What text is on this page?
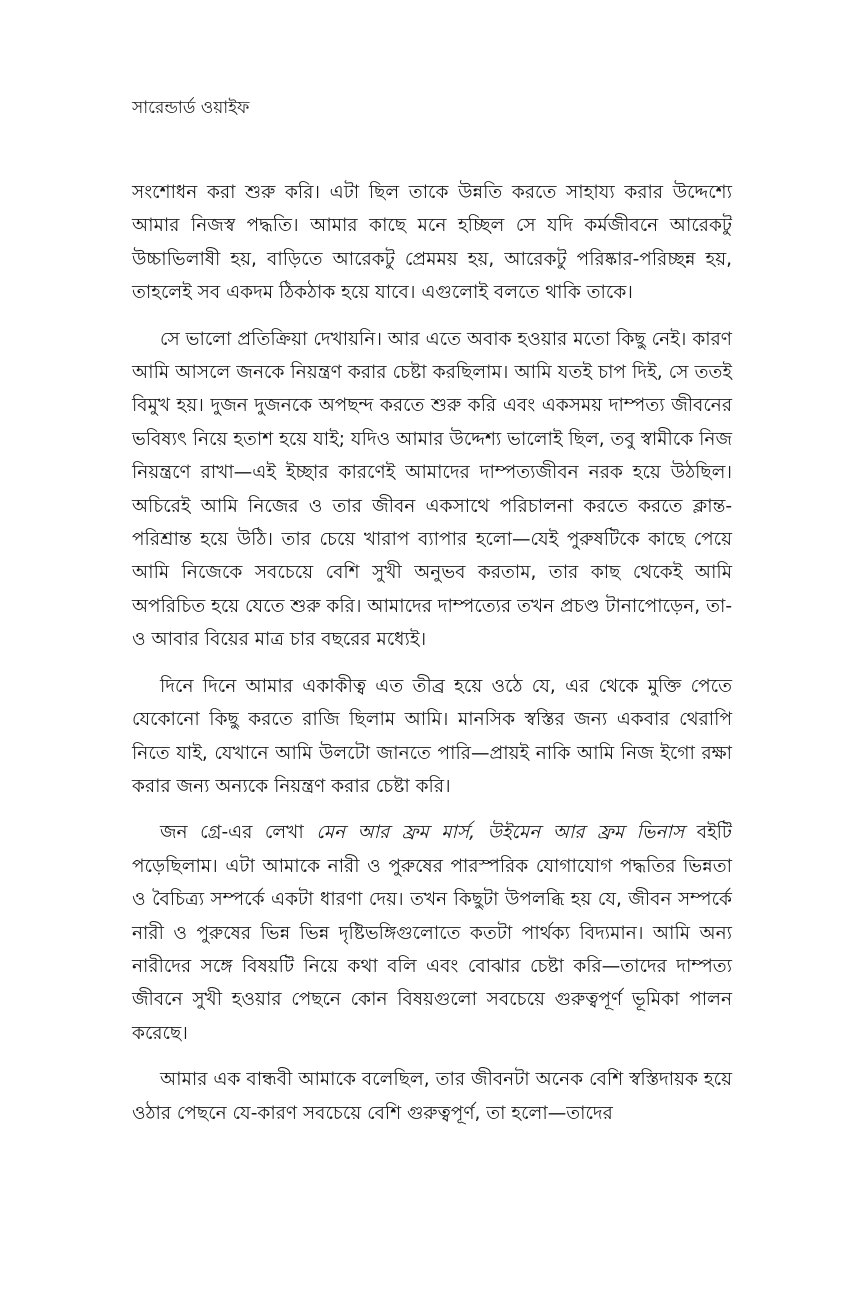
সারেন্ডার্ড ওয়াইফ

সংশোধন করা শুরু করি। এটা ছিল তাকে উন্নতি করতে সাহায্য করার উদ্দেশ্যে আমার নিজস্ব পদ্ধতি। আমার কাছে মনে হচ্ছিল সে যদি কর্মজীবনে আরেকটু উচ্চাভিলাষী হয়, বাড়িতে আরেকটু প্রেমময় হয়, আরেকটু পরিষ্কার-পরিচ্ছন্ন হয়, তাহলেই সব একদম ঠিকঠাক হয়ে যাবে। এগুলোই বলতে থাকি তাকে।

সে ভালো প্রতিক্রিয়া দেখায়নি। আর এতে অবাক হওয়ার মতো কিছু নেই। কারণ আমি আসলে জনকে নিয়ন্ত্রণ করার চেষ্টা করছিলাম। আমি যতই চাপ দিই, সে ততই বিমুখ হয়। দুজন দুজনকে অপছন্দ করতে শুরু করি এবং একসময় দাম্পত্য জীবনের ভবিষ্যৎ নিয়ে হতাশ হয়ে যাই; যদিও আমার উদ্দেশ্য ভালোই ছিল, তবু স্বামীকে নিজ নিয়ন্ত্রণে রাখা—এই ইচ্ছার কারণেই আমাদের দাম্পত্যজীবন নরক হয়ে উঠছিল। অচিরেই আমি নিজের ও তার জীবন একসাথে পরিচালনা করতে করতে ক্লান্ত-পরিশ্রান্ত হয়ে উঠি। তার চেয়ে খারাপ ব্যাপার হলো—যেই পুরুষটিকে কাছে পেয়ে আমি নিজেকে সবচেয়ে বেশি সুখী অনুভব করতাম, তার কাছ থেকেই আমি অপরিচিত হয়ে যেতে শুরু করি। আমাদের দাম্পত্যের তখন প্রচণ্ড টানাপোড়েন, তা-ও আবার বিয়ের মাত্র চার বছরের মধ্যেই।

দিনে দিনে আমার একাকীত্ব এত তীব্র হয়ে ওঠে যে, এর থেকে মুক্তি পেতে যেকোনো কিছু করতে রাজি ছিলাম আমি। মানসিক স্বস্তির জন্য একবার থেরাপি নিতে যাই, যেখানে আমি উলটো জানতে পারি—প্রায়ই নাকি আমি নিজ ইগো রক্ষা করার জন্য অন্যকে নিয়ন্ত্রণ করার চেষ্টা করি।

জন গ্রে-এর লেখা মেন আর ফ্রম মার্স, উইমেন আর ফ্রম ভিনাস বইটি পড়েছিলাম। এটা আমাকে নারী ও পুরুষের পারস্পরিক যোগাযোগ পদ্ধতির ভিন্নতা ও বৈচিত্র্য সম্পর্কে একটা ধারণা দেয়। তখন কিছুটা উপলব্ধি হয় যে, জীবন সম্পর্কে নারী ও পুরুষের ভিন্ন ভিন্ন দৃষ্টিভঙ্গিগুলোতে কতটা পার্থক্য বিদ্যমান। আমি অন্য নারীদের সঙ্গে বিষয়টি নিয়ে কথা বলি এবং বোঝার চেষ্টা করি—তাদের দাম্পত্য জীবনে সুখী হওয়ার পেছনে কোন বিষয়গুলো সবচেয়ে গুরুত্বপূর্ণ ভূমিকা পালন করেছে।

আমার এক বান্ধবী আমাকে বলেছিল, তার জীবনটা অনেক বেশি স্বস্তিদায়ক হয়ে ওঠার পেছনে যে-কারণ সবচেয়ে বেশি গুরুত্বপূর্ণ, তা হলো—তাদের
